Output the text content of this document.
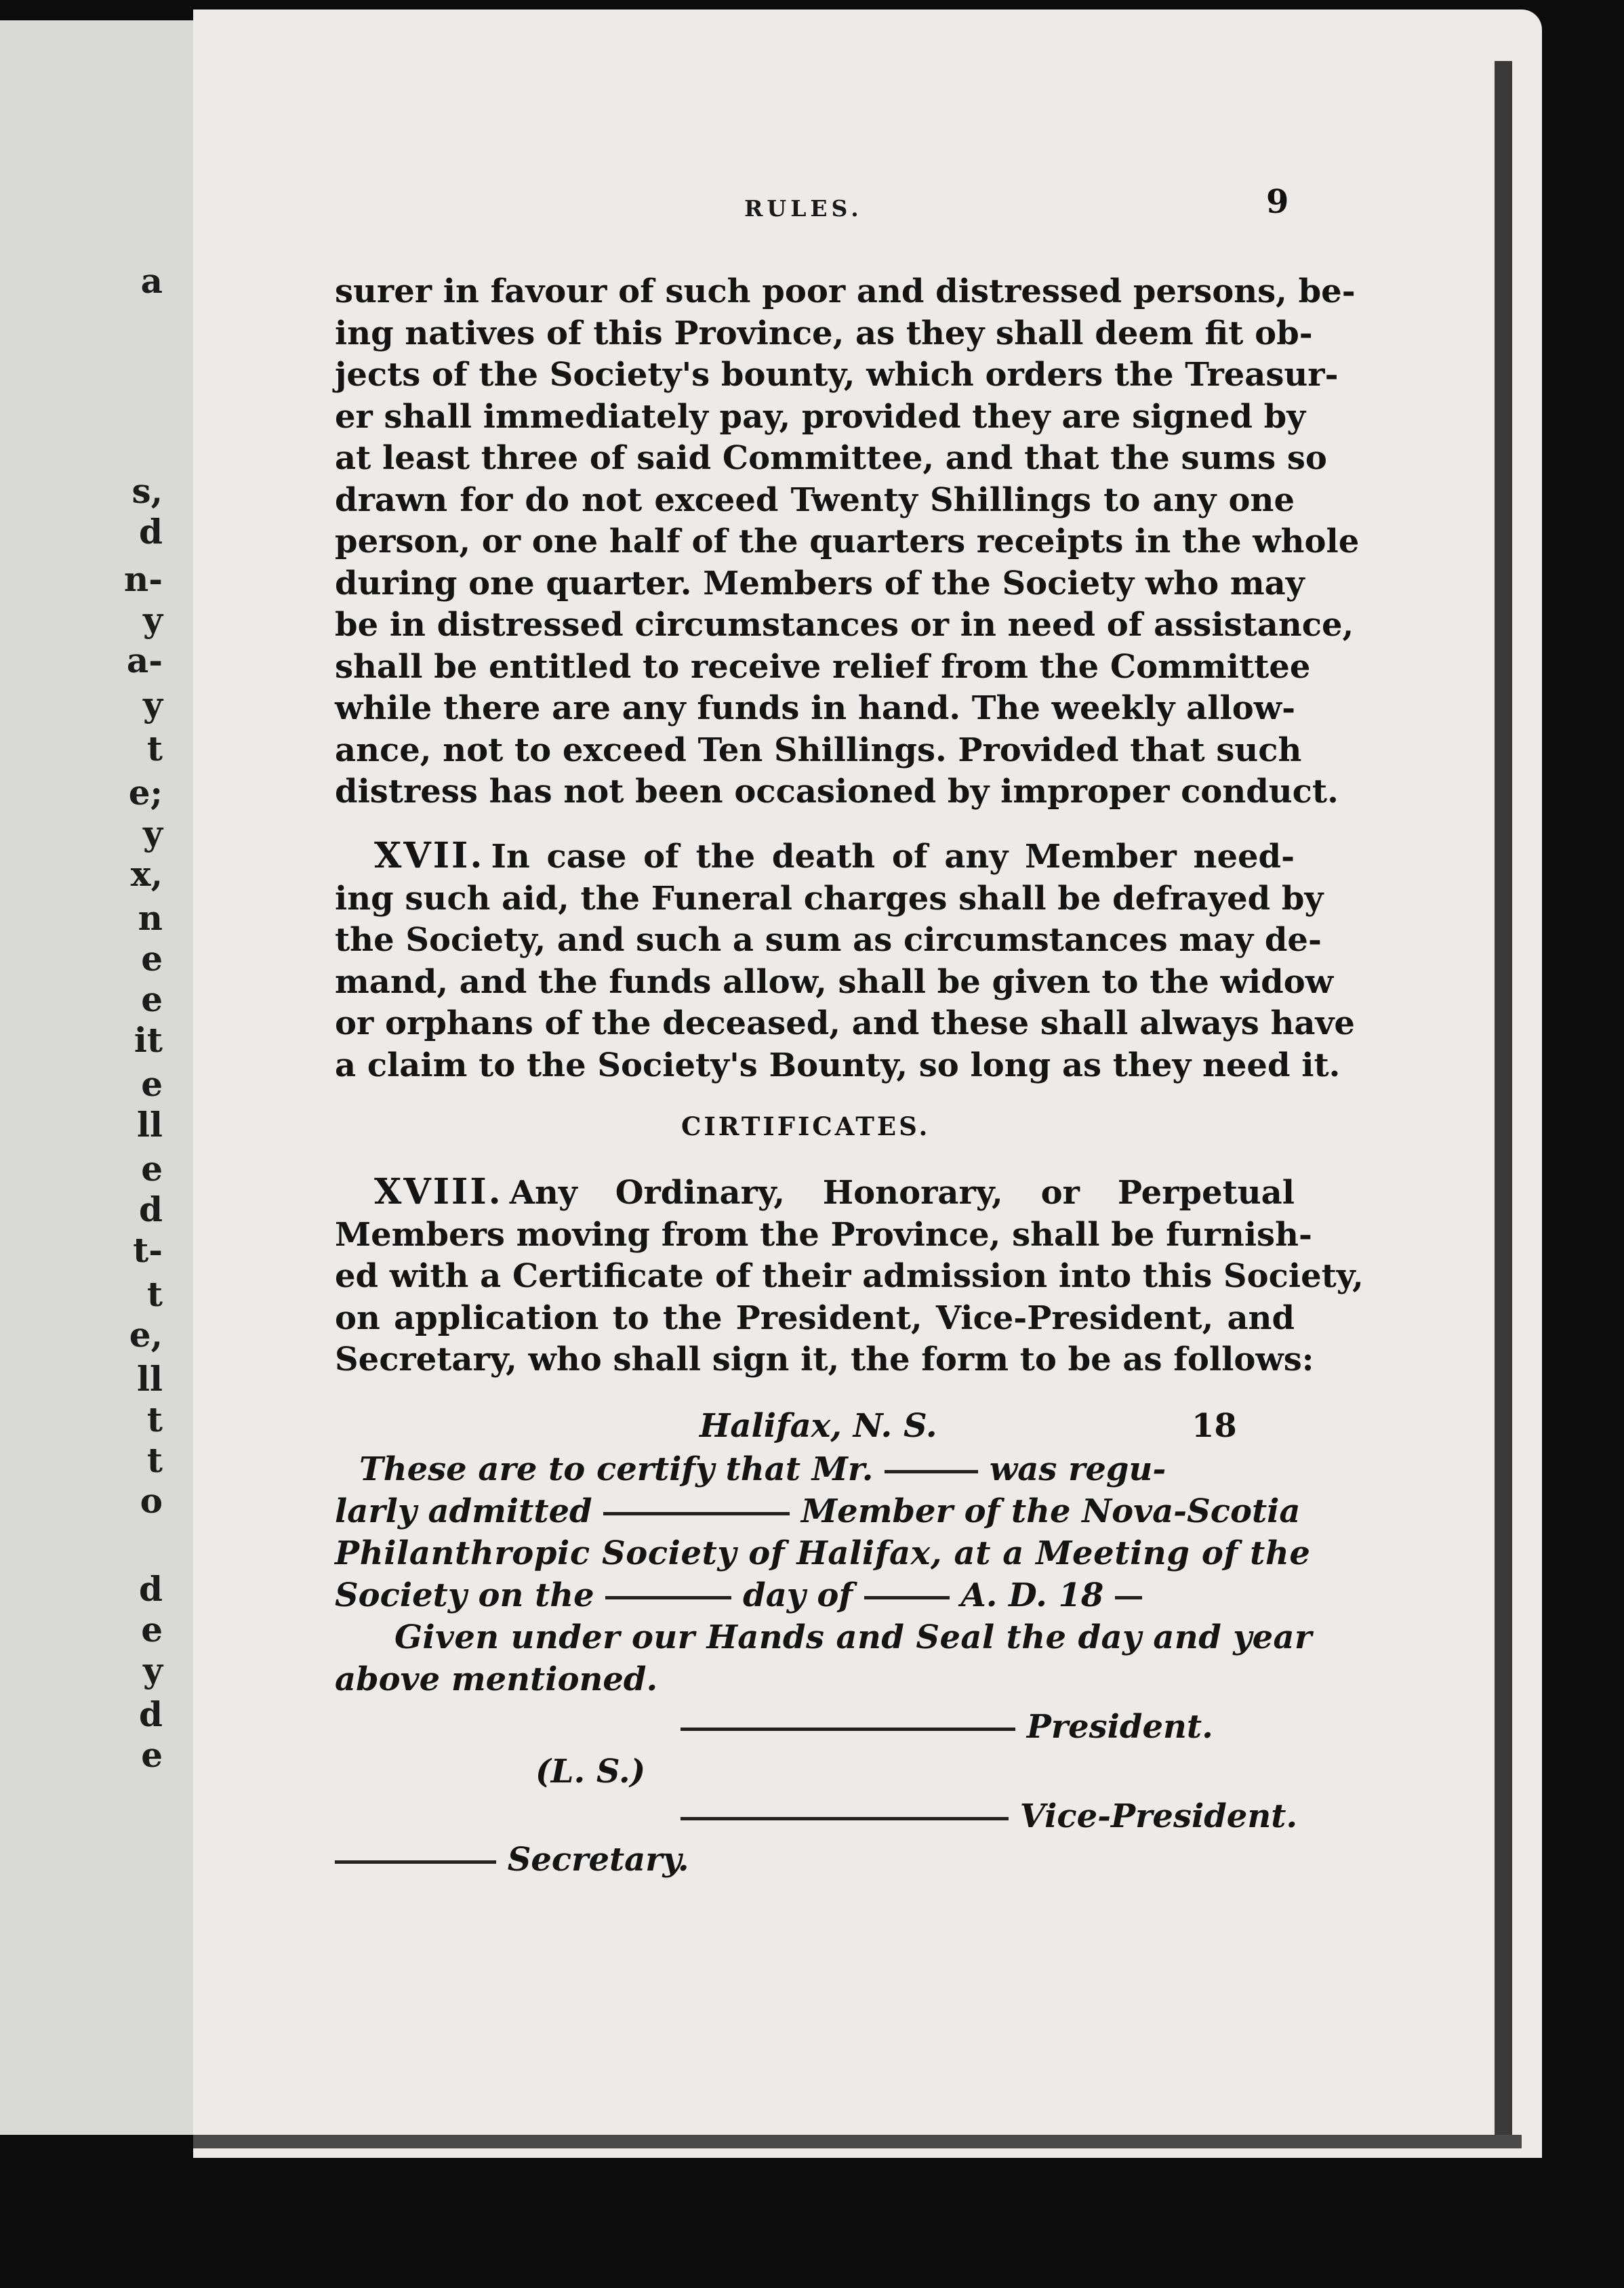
a
s,
d
n-
y
a-
y
t
e;
y
x,
n
e
e
it
e
ll
e
d
t-
t
e,
ll
t
t
o
d
e
y
d
e
RULES.	9
surer in favour of such poor and distressed persons, be-
ing natives of this Province, as they shall deem fit ob-
jects of the Society's bounty, which orders the Treasur-
er shall immediately pay, provided they are signed by
at least three of said Committee, and that the sums so
drawn for do not exceed Twenty Shillings to any one
person, or one half of the quarters receipts in the whole
during one quarter. Members of the Society who may
be in distressed circumstances or in need of assistance,
shall be entitled to receive relief from the Committee
while there are any funds in hand. The weekly allow-
ance, not to exceed Ten Shillings. Provided that such
distress has not been occasioned by improper conduct.
XVII. In case of the death of any Member need-
ing such aid, the Funeral charges shall be defrayed by
the Society, and such a sum as circumstances may de-
mand, and the funds allow, shall be given to the widow
or orphans of the deceased, and these shall always have
a claim to the Society's Bounty, so long as they need it.
CIRTIFICATES.
XVIII. Any Ordinary, Honorary, or Perpetual
Members moving from the Province, shall be furnish-
ed with a Certificate of their admission into this Society,
on application to the President, Vice-President, and
Secretary, who shall sign it, the form to be as follows:
Halifax, N. S.	18
These are to certify that Mr.	was regu-
larly admitted	Member of the Nova-Scotia
Philanthropic Society of Halifax, at a Meeting of the
Society on the	day of	A. D. 18
Given under our Hands and Seal the day and year
above mentioned.
President.
(L. S.)
Vice-President.
Secretary.
